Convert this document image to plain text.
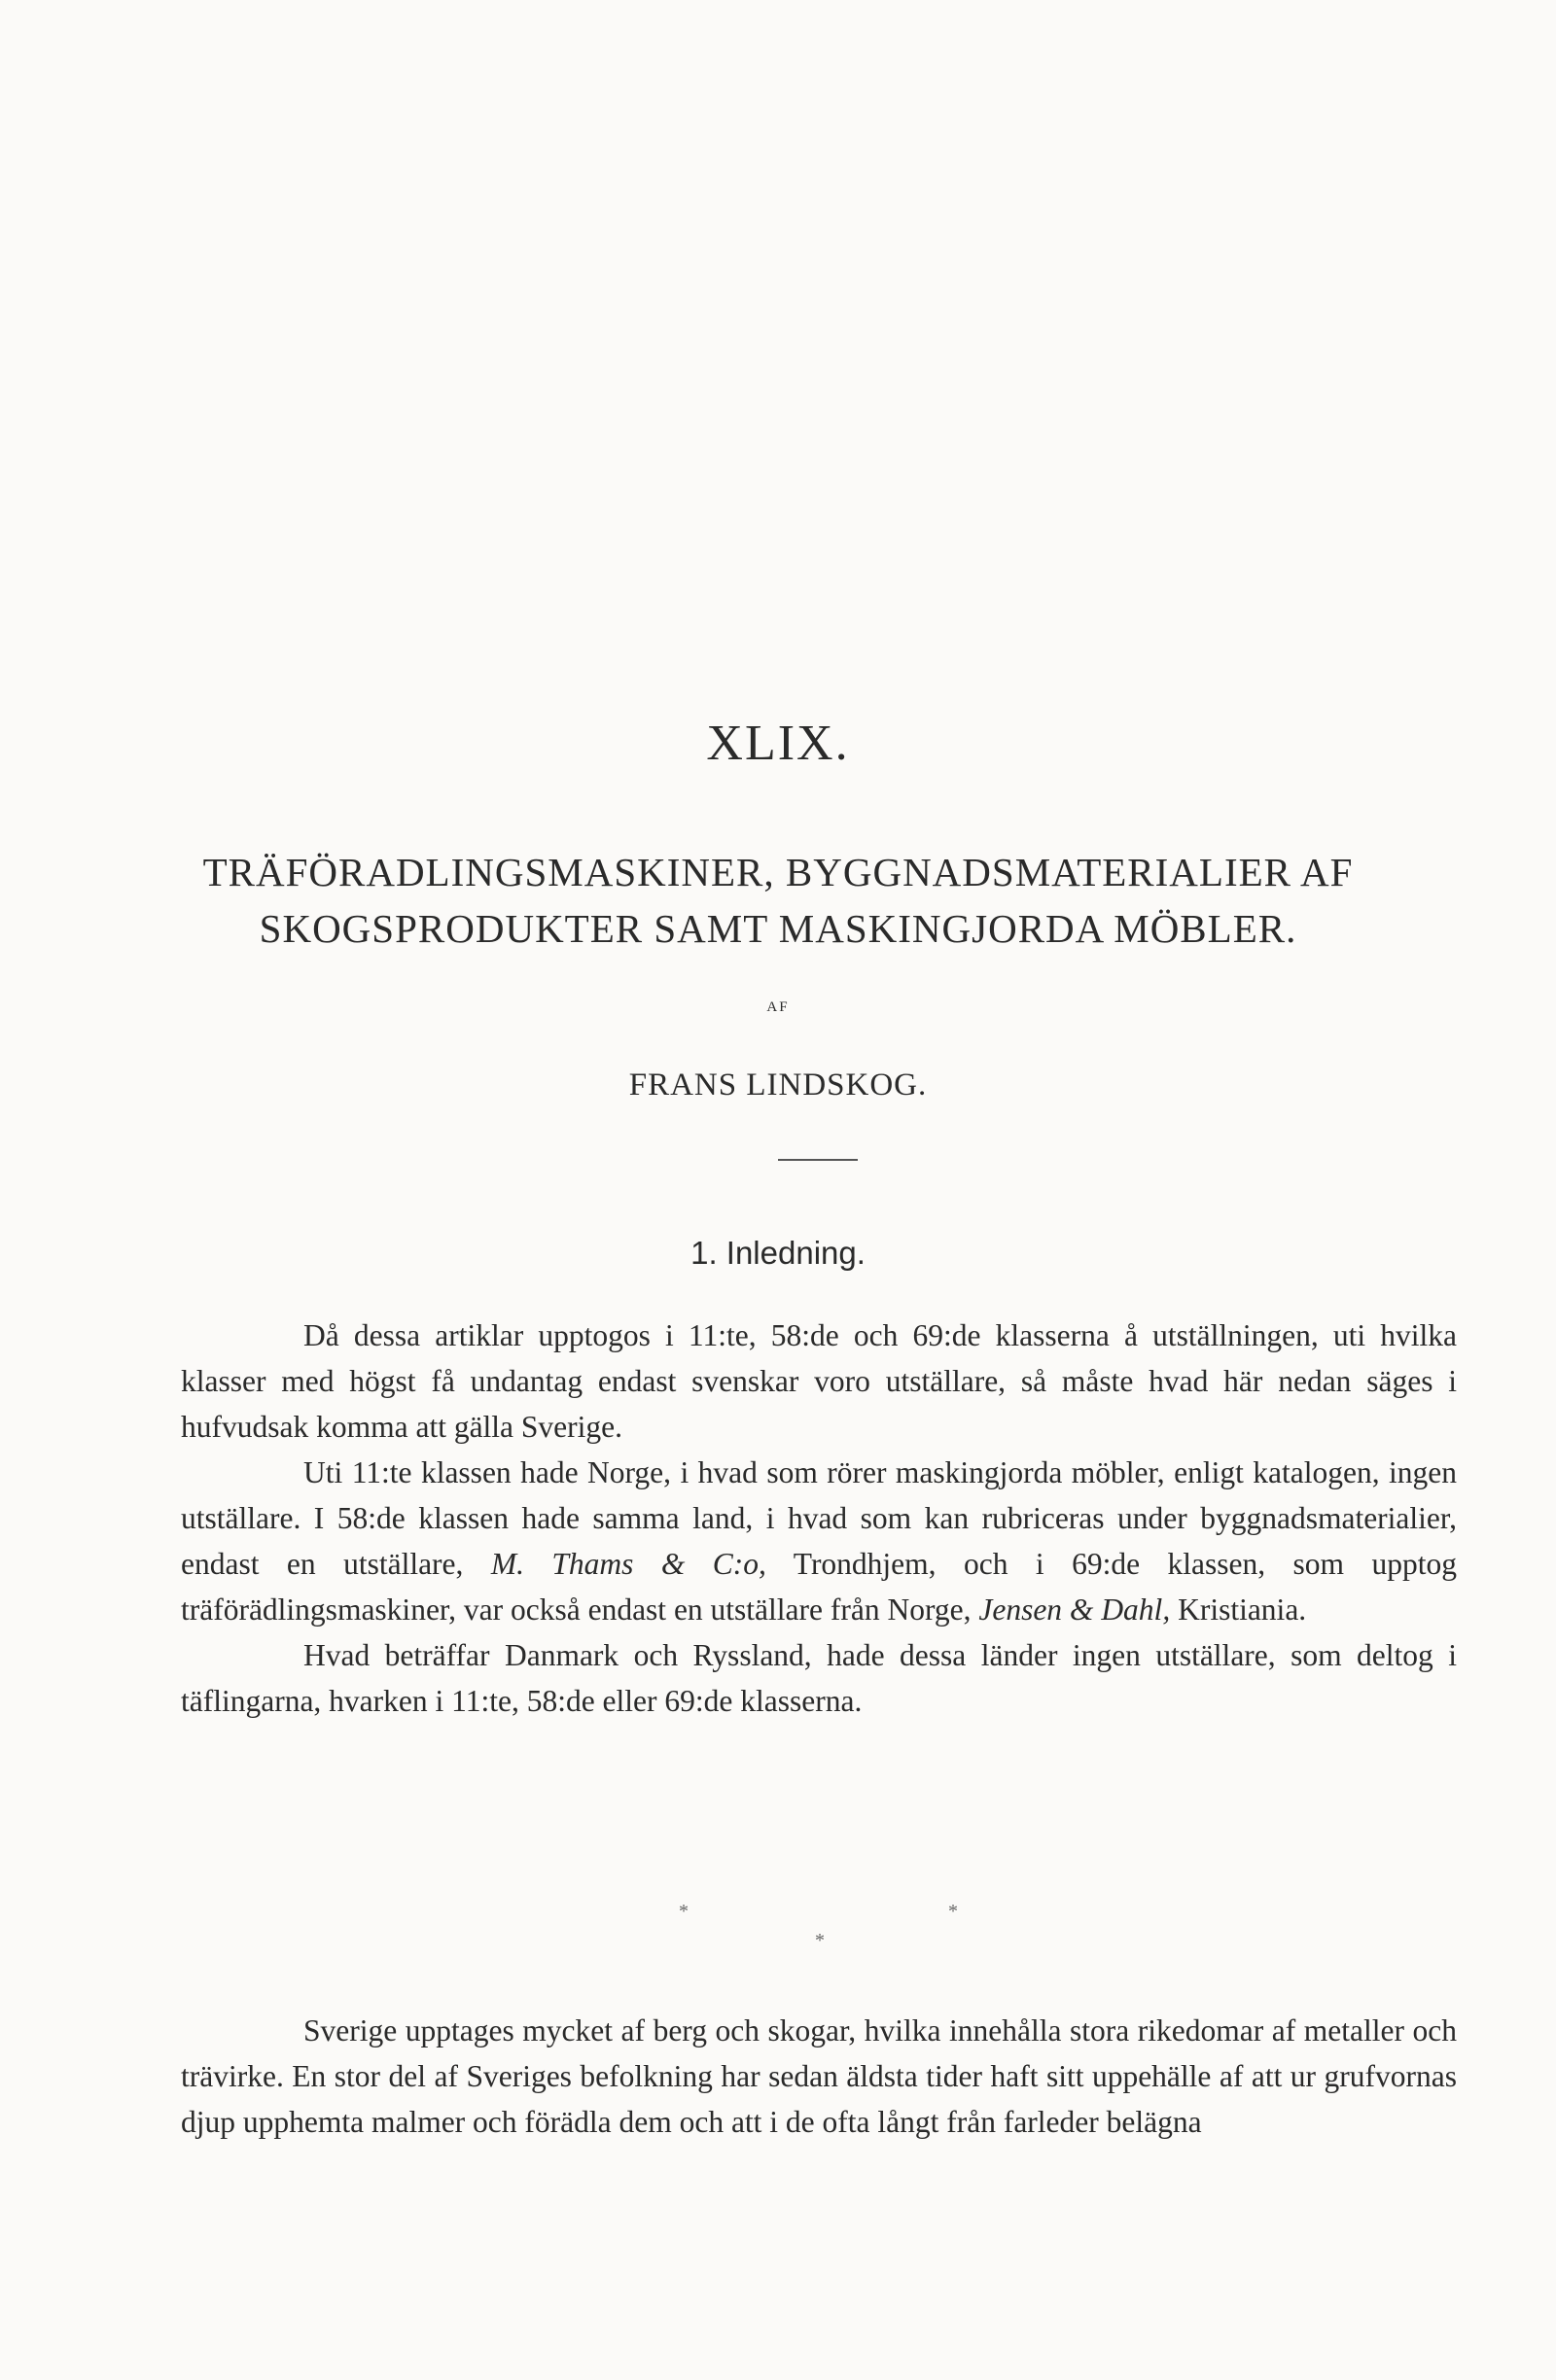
XLIX.
TRÄFÖRADLINGSMASKINER, BYGGNADSMATERIALIER AF
SKOGSPRODUKTER SAMT MASKINGJORDA MÖBLER.
AF
FRANS LINDSKOG.
1. Inledning.

Då dessa artiklar upptogos i 11:te, 58:de och 69:de klasserna å utställningen, uti hvilka klasser med högst få undantag endast svenskar voro utställare, så måste hvad här nedan säges i hufvudsak komma att gälla Sverige.

Uti 11:te klassen hade Norge, i hvad som rörer maskingjorda möbler, enligt katalogen, ingen utställare. I 58:de klassen hade samma land, i hvad som kan rubriceras under byggnadsmaterialier, endast en utställare, M. Thams & C:o, Trondhjem, och i 69:de klassen, som upptog träförädlingsmaskiner, var också endast en utställare från Norge, Jensen & Dahl, Kristiania.

Hvad beträffar Danmark och Ryssland, hade dessa länder ingen utställare, som deltog i täflingarna, hvarken i 11:te, 58:de eller 69:de klasserna.

*
*
*

Sverige upptages mycket af berg och skogar, hvilka innehålla stora rikedomar af metaller och trävirke. En stor del af Sveriges befolkning har sedan äldsta tider haft sitt uppehälle af att ur grufvornas djup upphemta malmer och förädla dem och att i de ofta långt från farleder belägna
